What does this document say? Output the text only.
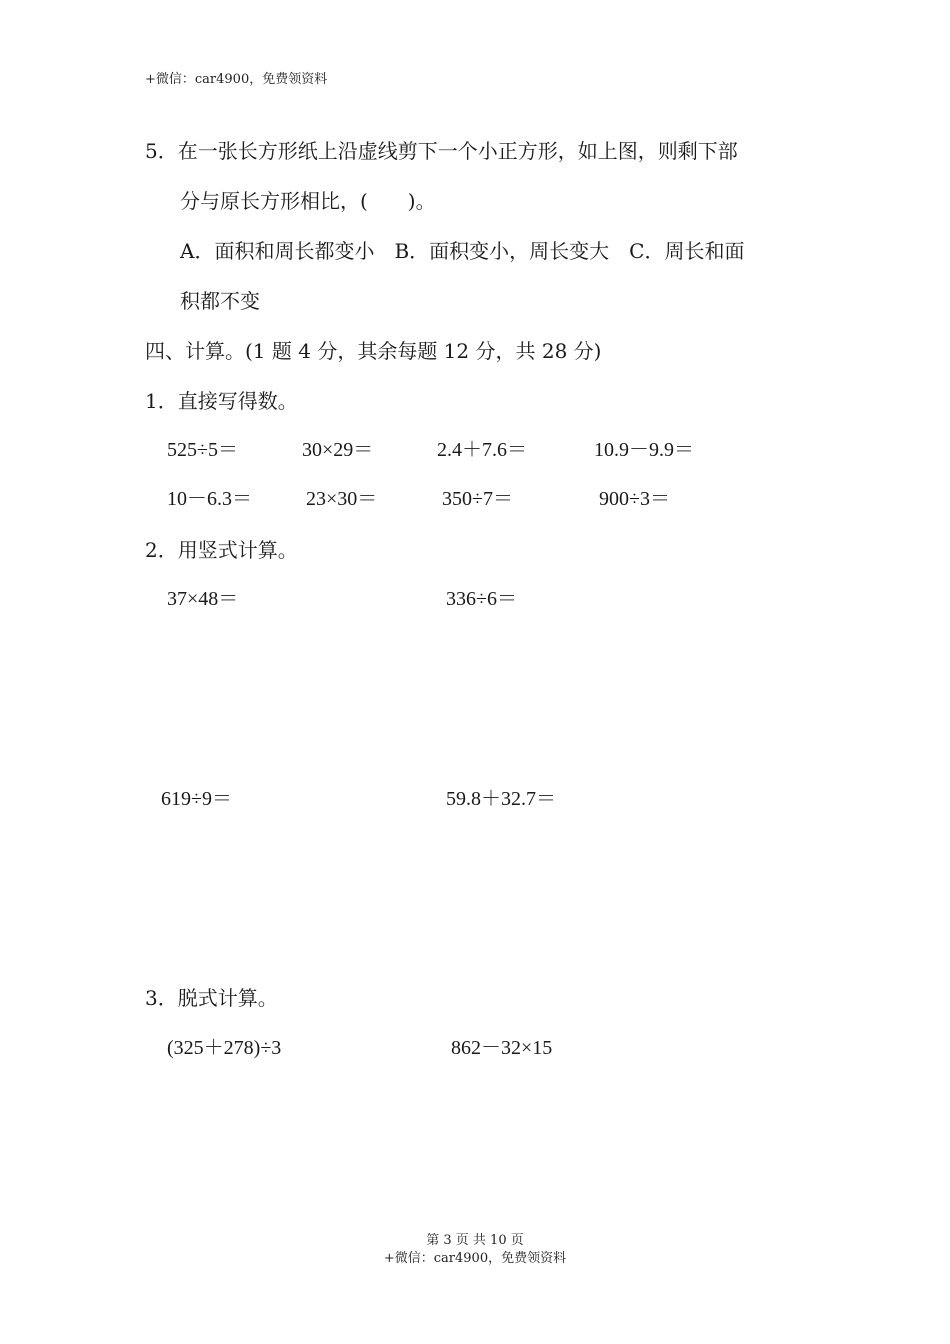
+微信：car4900，免费领资料
5．在一张长方形纸上沿虚线剪下一个小正方形，如上图，则剩下部
分与原长方形相比，(　　)。
A．面积和周长都变小　B．面积变小，周长变大　C．周长和面
积都不变
四、计算。(1 题 4 分，其余每题 12 分，共 28 分)
1．直接写得数。
525÷5＝	30×29＝	2.4＋7.6＝	10.9－9.9＝
10－6.3＝	23×30＝	350÷7＝	900÷3＝
2．用竖式计算。
37×48＝	336÷6＝
619÷9＝	59.8＋32.7＝
3．脱式计算。
(325＋278)÷3	862－32×15
第 3 页 共 10 页
+微信：car4900，免费领资料
